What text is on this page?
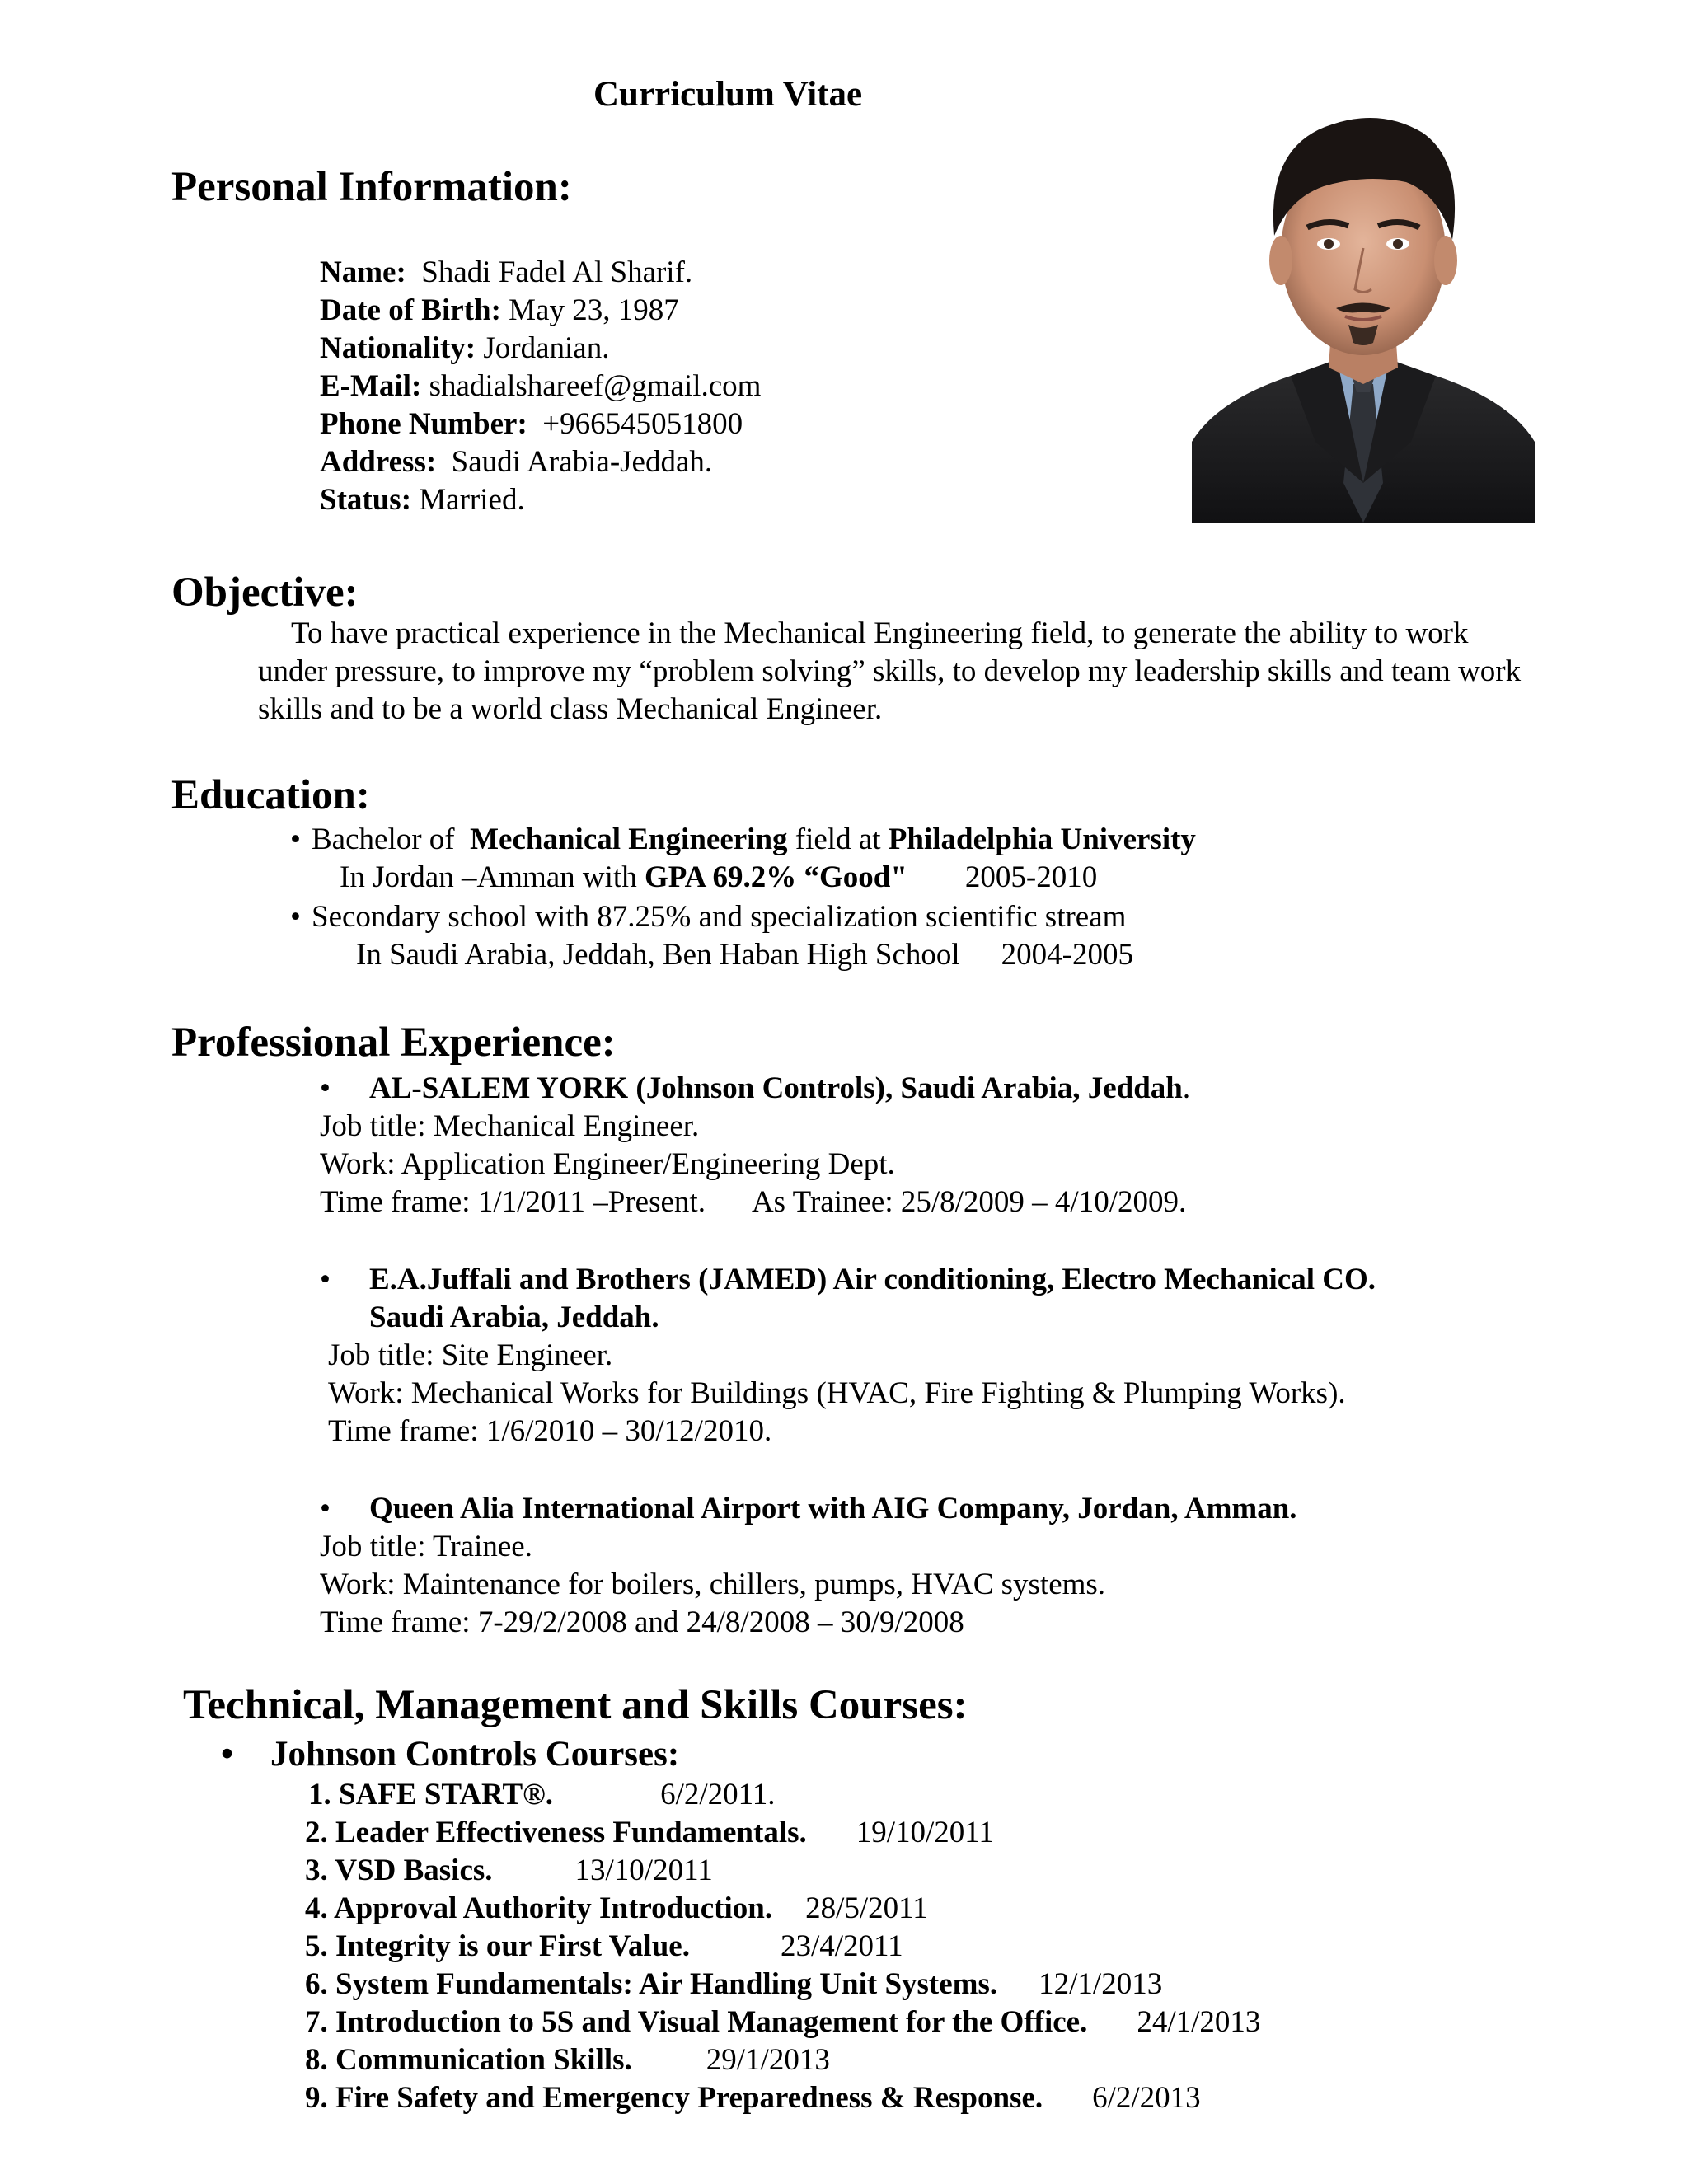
Curriculum Vitae
Personal Information:
Name: Shadi Fadel Al Sharif.
Date of Birth: May 23, 1987
Nationality: Jordanian.
E-Mail: shadialshareef@gmail.com
Phone Number: +966545051800
Address: Saudi Arabia-Jeddah.
Status: Married.
Objective:
To have practical experience in the Mechanical Engineering field, to generate the ability to work under pressure, to improve my “problem solving” skills, to develop my leadership skills and team work skills and to be a world class Mechanical Engineer.
Education:
• Bachelor of Mechanical Engineering field at Philadelphia University
In Jordan –Amman with GPA 69.2% “Good" 2005-2010
• Secondary school with 87.25% and specialization scientific stream
In Saudi Arabia, Jeddah, Ben Haban High School 2004-2005
Professional Experience:
• AL-SALEM YORK (Johnson Controls), Saudi Arabia, Jeddah.
Job title: Mechanical Engineer.
Work: Application Engineer/Engineering Dept.
Time frame: 1/1/2011 –Present. As Trainee: 25/8/2009 – 4/10/2009.
• E.A.Juffali and Brothers (JAMED) Air conditioning, Electro Mechanical CO.
Saudi Arabia, Jeddah.
Job title: Site Engineer.
Work: Mechanical Works for Buildings (HVAC, Fire Fighting & Plumping Works).
Time frame: 1/6/2010 – 30/12/2010.
• Queen Alia International Airport with AIG Company, Jordan, Amman.
Job title: Trainee.
Work: Maintenance for boilers, chillers, pumps, HVAC systems.
Time frame: 7-29/2/2008 and 24/8/2008 – 30/9/2008
Technical, Management and Skills Courses:
• Johnson Controls Courses:
1. SAFE START®.	6/2/2011.
2. Leader Effectiveness Fundamentals. 19/10/2011
3. VSD Basics.	13/10/2011
4. Approval Authority Introduction. 28/5/2011
5. Integrity is our First Value.	23/4/2011
6. System Fundamentals: Air Handling Unit Systems. 12/1/2013
7. Introduction to 5S and Visual Management for the Office. 24/1/2013
8. Communication Skills. 29/1/2013
9. Fire Safety and Emergency Preparedness & Response. 6/2/2013
